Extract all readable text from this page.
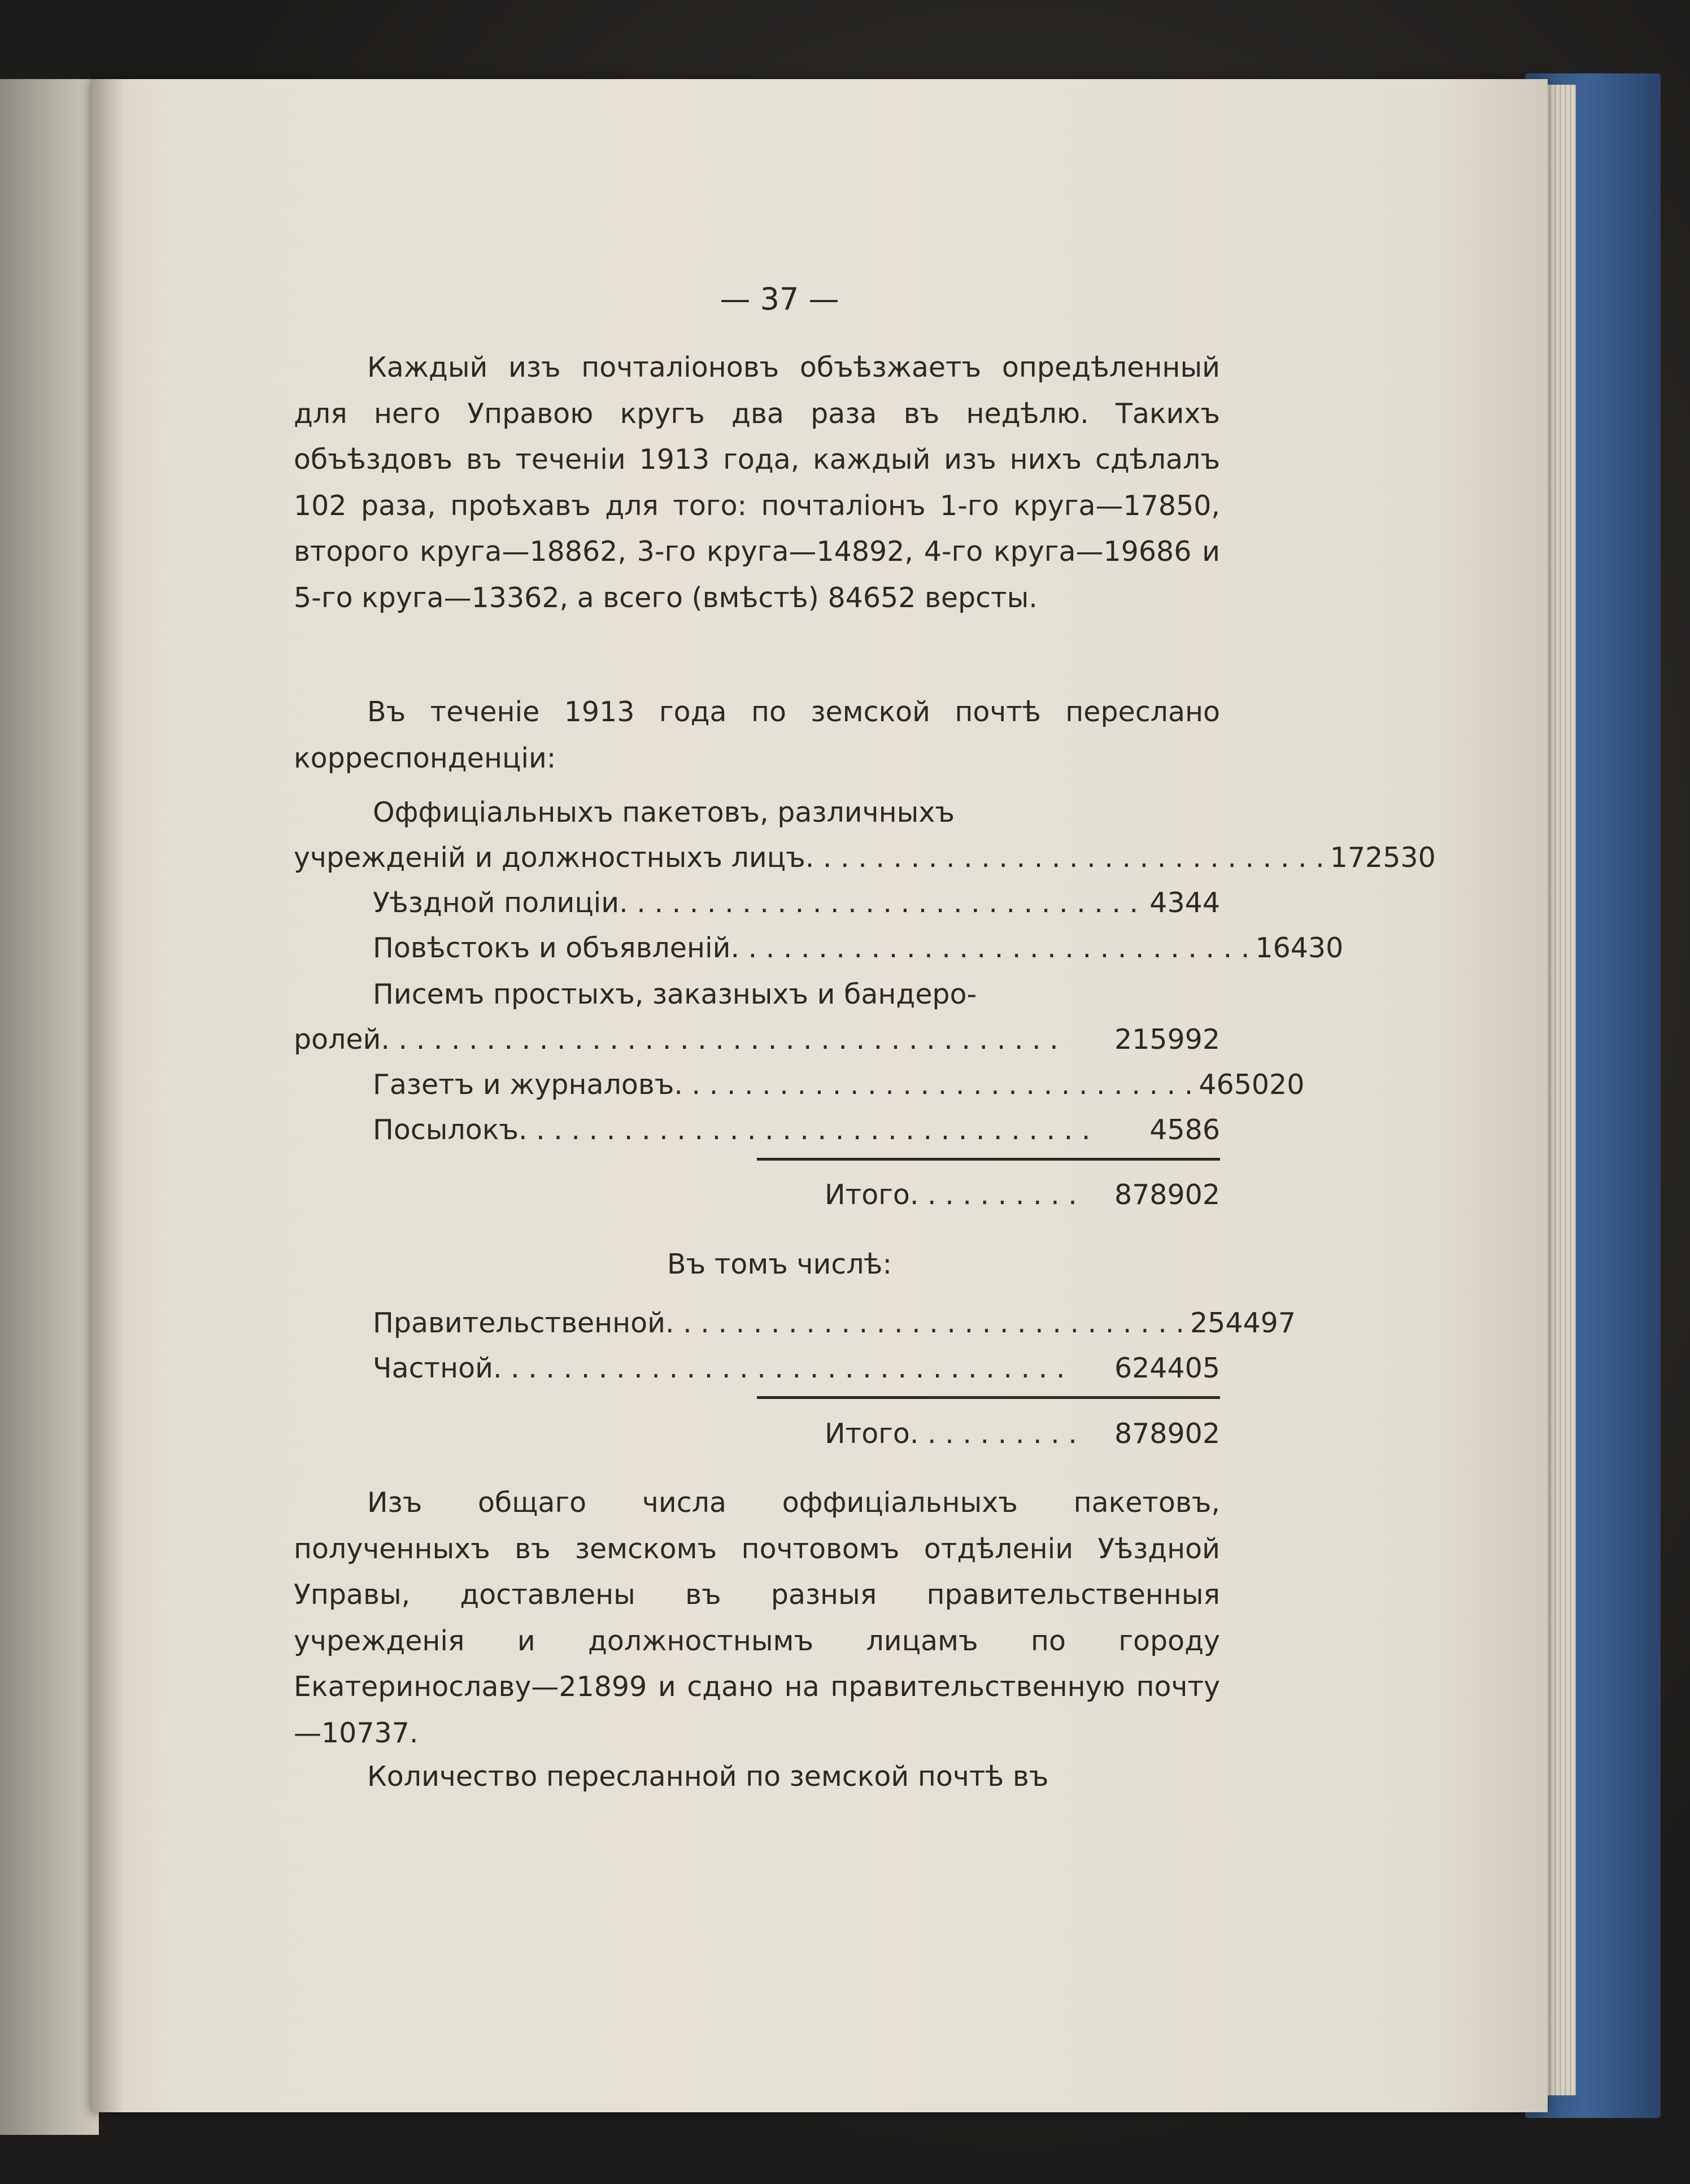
— 37 —

Каждый изъ почталіоновъ объѣзжаетъ опредѣленный для него Управою кругъ два раза въ недѣлю. Такихъ объѣздовъ въ теченіи 1913 года, каждый изъ нихъ сдѣлалъ 102 раза, проѣхавъ для того: почталіонъ 1-го круга—17850, второго круга—18862, 3-го круга—14892, 4-го круга—19686 и 5-го круга—13362, а всего (вмѣстѣ) 84652 версты.

Въ теченіе 1913 года по земской почтѣ переслано корреспонденціи:

Оффиціальныхъ пакетовъ, различныхъ
учрежденій и должностныхъ лицъ . . . . . . . . . . . . . . . . . . . . . . . . . . . . . . 172530
Уѣздной полиціи . . . . . . . . . . . . . . . . . . . . . . . . . . . . . . 4344
Повѣстокъ и объявленій . . . . . . . . . . . . . . . . . . . . . . . . . . . . . . 16430
Писемъ простыхъ, заказныхъ и бандеро-
ролей . . . . . . . . . . . . . . . . . . . . . . . . . . . . . . . . . . . . . . .	215992
Газетъ и журналовъ . . . . . . . . . . . . . . . . . . . . . . . . . . . . . . 465020
Посылокъ . . . . . . . . . . . . . . . . . . . . . . . . . . . . . . . . .	4586
Итого . . . . . . . . . .	878902
Въ томъ числѣ:
Правительственной . . . . . . . . . . . . . . . . . . . . . . . . . . . . . . 254497
Частной . . . . . . . . . . . . . . . . . . . . . . . . . . . . . . . . .	624405
Итого . . . . . . . . . .	878902

Изъ общаго числа оффиціальныхъ пакетовъ, полученныхъ въ земскомъ почтовомъ отдѣленіи Уѣздной Управы, доставлены въ разныя правительственныя учрежденія и должностнымъ лицамъ по городу Екатеринославу—21899 и сдано на правительственную почту—10737.

Количество пересланной по земской почтѣ въ
